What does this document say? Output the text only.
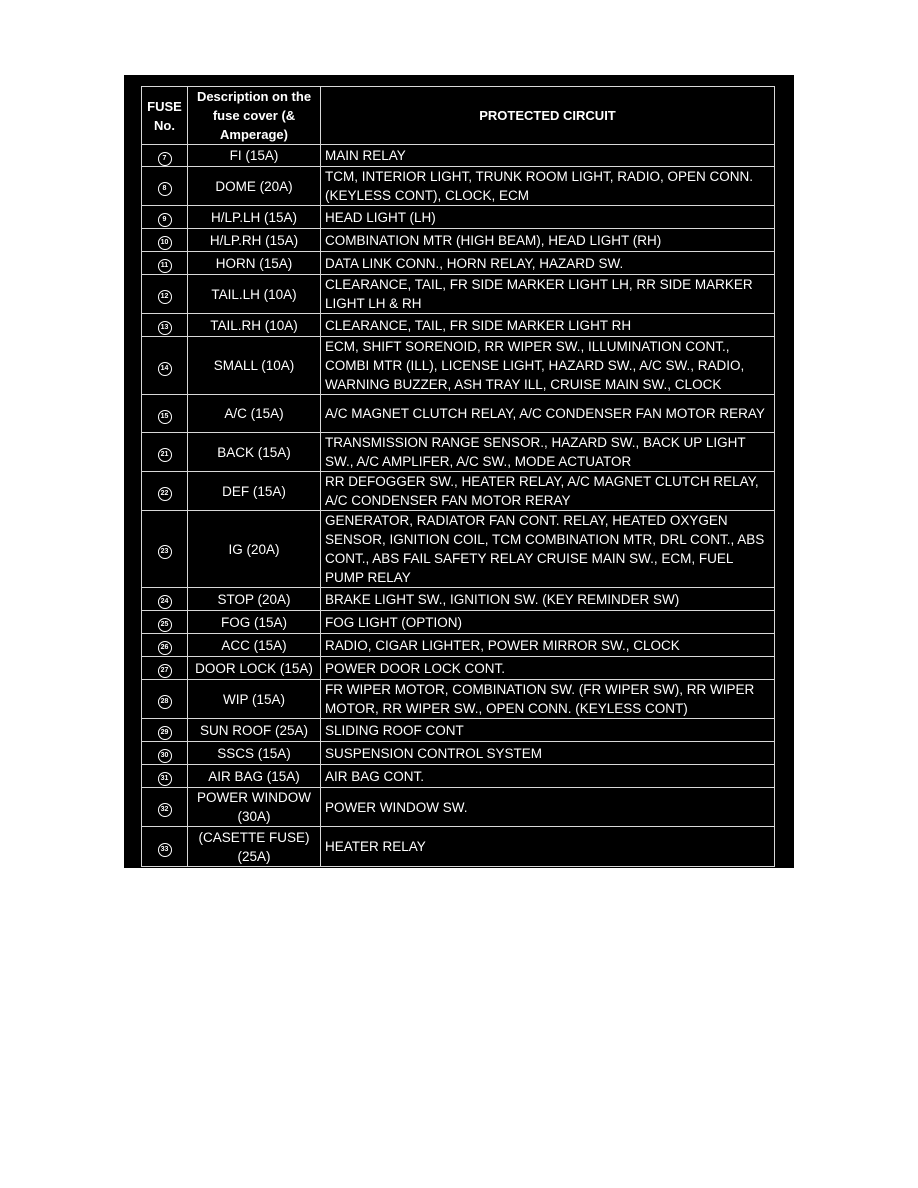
FUSE No.	Description on the fuse cover (& Amperage)	PROTECTED CIRCUIT
7	FI (15A)	MAIN RELAY
8	DOME (20A)	TCM, INTERIOR LIGHT, TRUNK ROOM LIGHT, RADIO, OPEN CONN. (KEYLESS CONT), CLOCK, ECM
9	H/LP.LH (15A)	HEAD LIGHT (LH)
10	H/LP.RH (15A)	COMBINATION MTR (HIGH BEAM), HEAD LIGHT (RH)
11	HORN (15A)	DATA LINK CONN., HORN RELAY, HAZARD SW.
12	TAIL.LH (10A)	CLEARANCE, TAIL, FR SIDE MARKER LIGHT LH, RR SIDE MARKER LIGHT LH & RH
13	TAIL.RH (10A)	CLEARANCE, TAIL, FR SIDE MARKER LIGHT RH
14	SMALL (10A)	ECM, SHIFT SORENOID, RR WIPER SW., ILLUMINATION CONT., COMBI MTR (ILL), LICENSE LIGHT, HAZARD SW., A/C SW., RADIO, WARNING BUZZER, ASH TRAY ILL, CRUISE MAIN SW., CLOCK
15	A/C (15A)	A/C MAGNET CLUTCH RELAY, A/C CONDENSER FAN MOTOR RERAY
21	BACK (15A)	TRANSMISSION RANGE SENSOR., HAZARD SW., BACK UP LIGHT SW., A/C AMPLIFER, A/C SW., MODE ACTUATOR
22	DEF (15A)	RR DEFOGGER SW., HEATER RELAY, A/C MAGNET CLUTCH RELAY, A/C CONDENSER FAN MOTOR RERAY
23	IG (20A)	GENERATOR, RADIATOR FAN CONT. RELAY, HEATED OXYGEN SENSOR, IGNITION COIL, TCM COMBINATION MTR, DRL CONT., ABS CONT., ABS FAIL SAFETY RELAY CRUISE MAIN SW., ECM, FUEL PUMP RELAY
24	STOP (20A)	BRAKE LIGHT SW., IGNITION SW. (KEY REMINDER SW)
25	FOG (15A)	FOG LIGHT (OPTION)
26	ACC (15A)	RADIO, CIGAR LIGHTER, POWER MIRROR SW., CLOCK
27	DOOR LOCK (15A)	POWER DOOR LOCK CONT.
28	WIP (15A)	FR WIPER MOTOR, COMBINATION SW. (FR WIPER SW), RR WIPER MOTOR, RR WIPER SW., OPEN CONN. (KEYLESS CONT)
29	SUN ROOF (25A)	SLIDING ROOF CONT
30	SSCS (15A)	SUSPENSION CONTROL SYSTEM
31	AIR BAG (15A)	AIR BAG CONT.
32	POWER WINDOW (30A)	POWER WINDOW SW.
33	(CASETTE FUSE) (25A)	HEATER RELAY
